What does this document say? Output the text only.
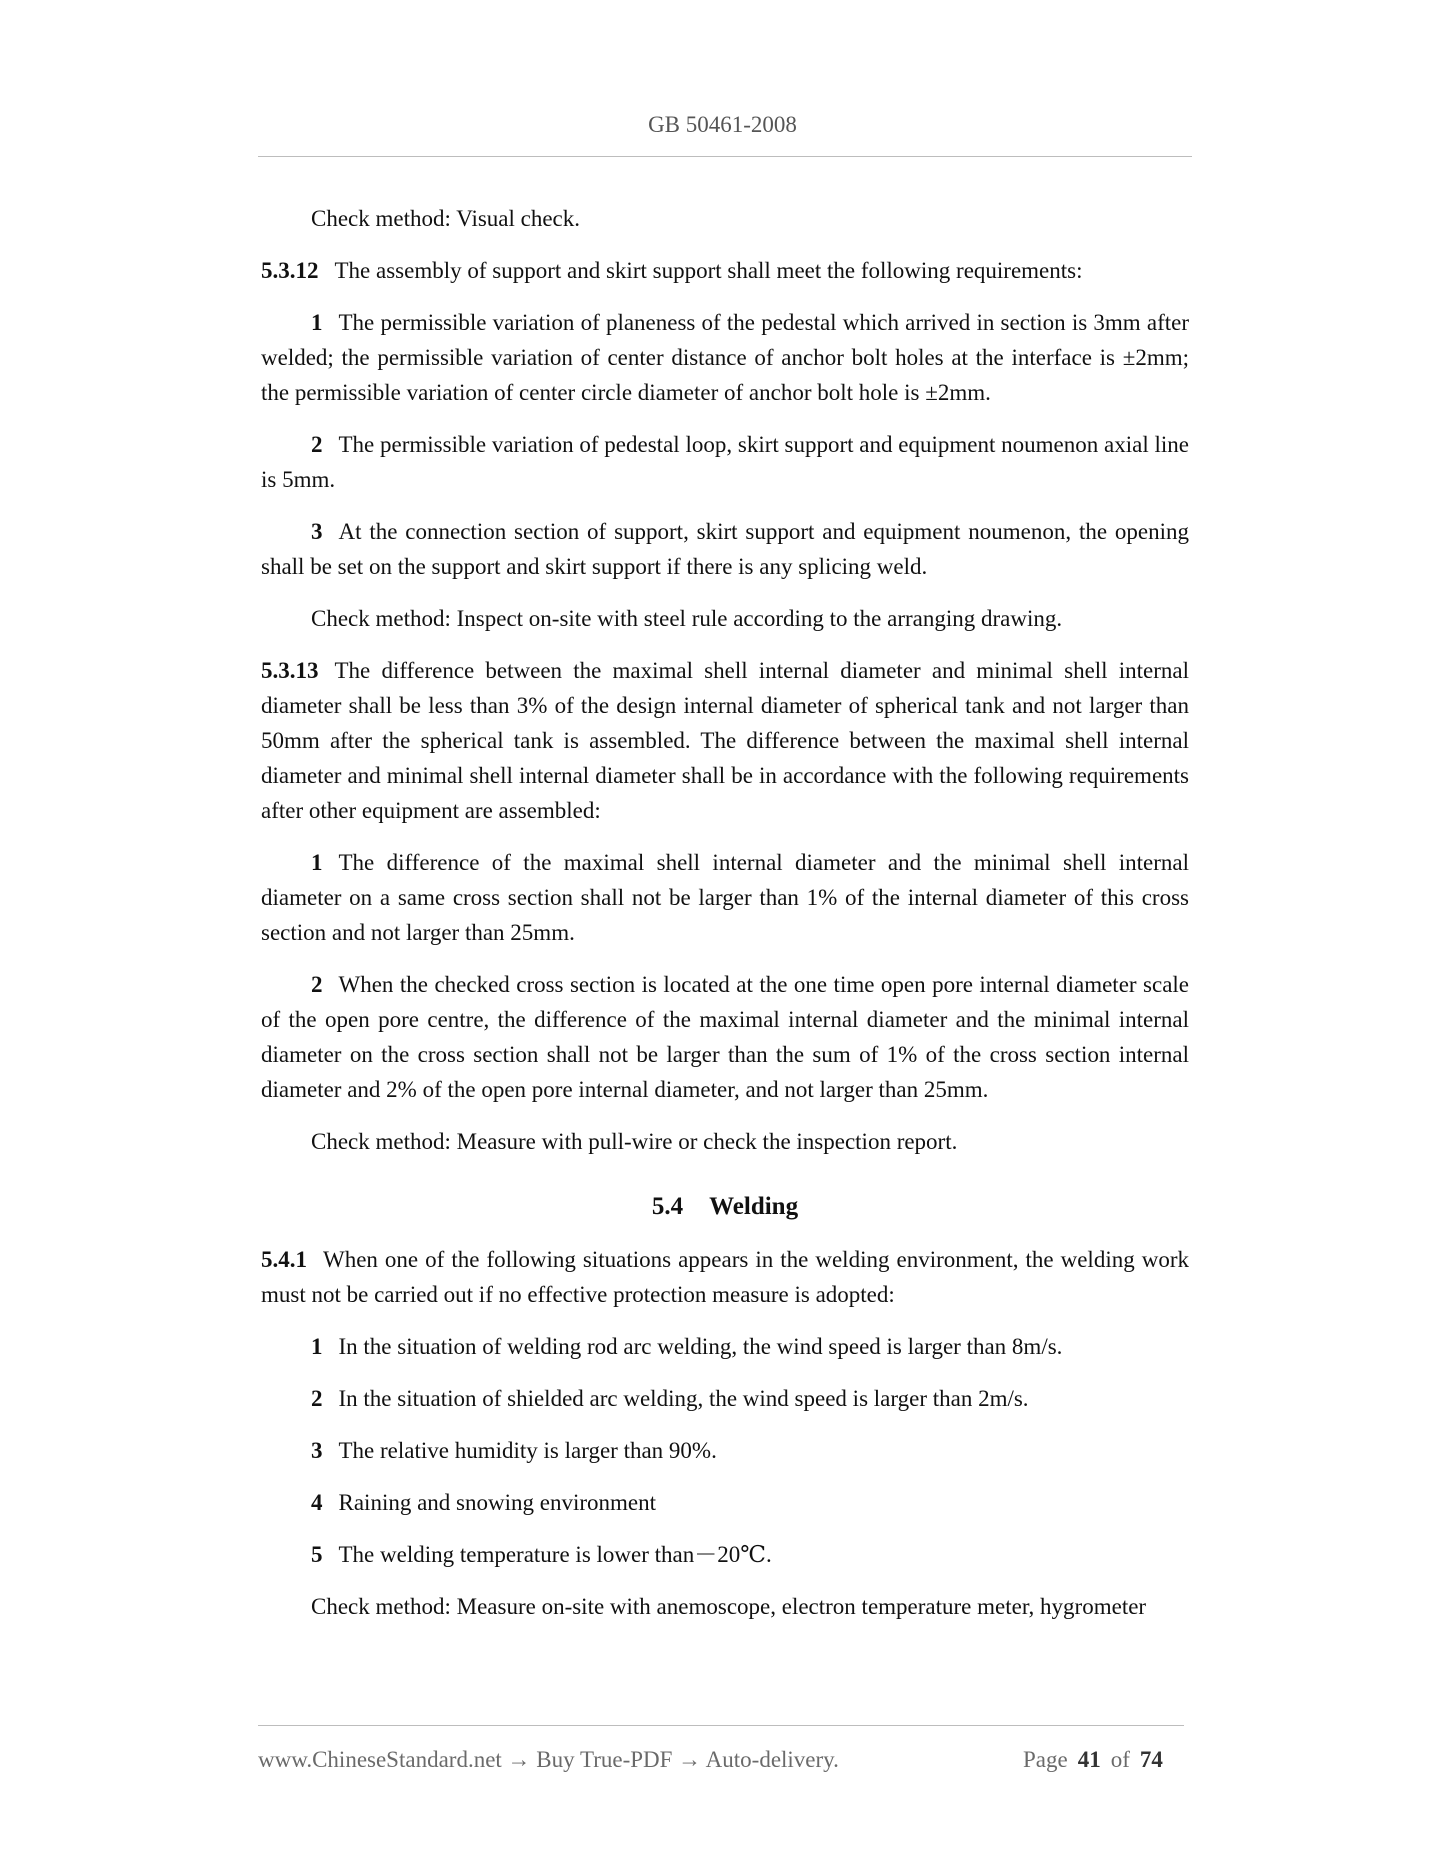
GB 50461-2008

Check method: Visual check.

5.3.12 The assembly of support and skirt support shall meet the following requirements:

1 The permissible variation of planeness of the pedestal which arrived in section is 3mm after welded; the permissible variation of center distance of anchor bolt holes at the interface is ±2mm; the permissible variation of center circle diameter of anchor bolt hole is ±2mm.

2 The permissible variation of pedestal loop, skirt support and equipment noumenon axial line is 5mm.

3 At the connection section of support, skirt support and equipment noumenon, the opening shall be set on the support and skirt support if there is any splicing weld.

Check method: Inspect on-site with steel rule according to the arranging drawing.

5.3.13 The difference between the maximal shell internal diameter and minimal shell internal diameter shall be less than 3% of the design internal diameter of spherical tank and not larger than 50mm after the spherical tank is assembled. The difference between the maximal shell internal diameter and minimal shell internal diameter shall be in accordance with the following requirements after other equipment are assembled:

1 The difference of the maximal shell internal diameter and the minimal shell internal diameter on a same cross section shall not be larger than 1% of the internal diameter of this cross section and not larger than 25mm.

2 When the checked cross section is located at the one time open pore internal diameter scale of the open pore centre, the difference of the maximal internal diameter and the minimal internal diameter on the cross section shall not be larger than the sum of 1% of the cross section internal diameter and 2% of the open pore internal diameter, and not larger than 25mm.

Check method: Measure with pull-wire or check the inspection report.

5.4 Welding

5.4.1 When one of the following situations appears in the welding environment, the welding work must not be carried out if no effective protection measure is adopted:

1 In the situation of welding rod arc welding, the wind speed is larger than 8m/s.

2 In the situation of shielded arc welding, the wind speed is larger than 2m/s.

3 The relative humidity is larger than 90%.

4 Raining and snowing environment

5 The welding temperature is lower than－20℃.

Check method: Measure on-site with anemoscope, electron temperature meter, hygrometer

www.ChineseStandard.net → Buy True-PDF → Auto-delivery.	Page 41 of 74
